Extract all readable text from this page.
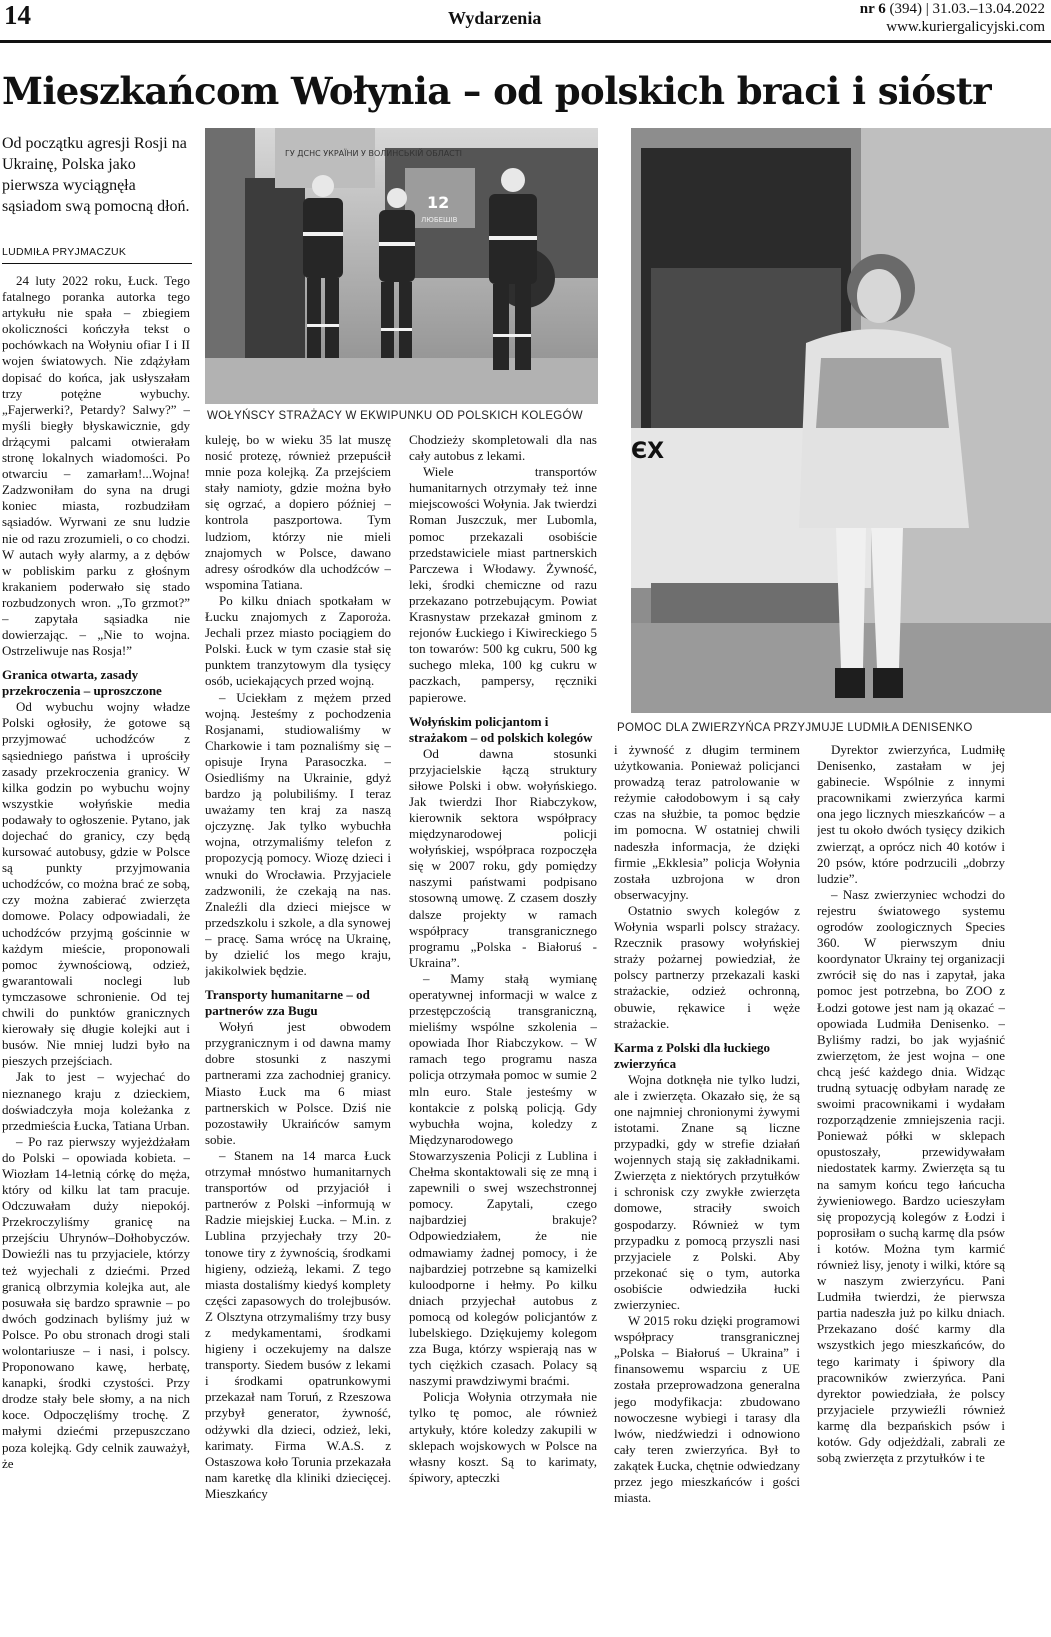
14	Wydarzenia	nr 6 (394) | 31.03.–13.04.2022
www.kuriergalicyjski.com
Mieszkańcom Wołynia – od polskich braci i sióstr
Od początku agresji Rosji na Ukrainę, Polska jako pierwsza wyciągnęła sąsiadom swą pomocną dłoń.
LUDMIŁA PRYJMACZUK
ГУ ДСНС УКРАЇНИ У ВОЛИНСЬКІЙ ОБЛАСТІ
12
ЛЮБЕШІВ
WOŁYŃSCY STRAŻACY W EKWIPUNKU OD POLSKICH KOLEGÓW
ЄХ
POMOC DLA ZWIERZYŃCA PRZYJMUJE LUDMIŁA DENISENKO

24 luty 2022 roku, Łuck. Tego fatalnego poranka autorka tego artykułu nie spała – zbiegiem okoliczności kończyła tekst o pochówkach na Wołyniu ofiar I i II wojen światowych. Nie zdążyłam dopisać do końca, jak usłyszałam trzy potężne wybuchy. „Fajerwerki?, Petardy? Salwy?” – myśli biegły błyskawicznie, gdy drżącymi palcami otwierałam stronę lokalnych wiadomości. Po otwarciu – zamarłam!...Wojna! Zadzwoniłam do syna na drugi koniec miasta, rozbudziłam sąsiadów. Wyrwani ze snu ludzie nie od razu zrozumieli, o co chodzi. W autach wyły alarmy, a z dębów w pobliskim parku z głośnym krakaniem poderwało się stado rozbudzonych wron. „To grzmot?” – zapytała sąsiadka nie dowierzając. – „Nie to wojna. Ostrzeliwuje nas Rosja!”

Granica otwarta, zasady przekroczenia – uproszczone

Od wybuchu wojny władze Polski ogłosiły, że gotowe są przyjmować uchodźców z sąsiedniego państwa i uprościły zasady przekroczenia granicy. W kilka godzin po wybuchu wojny wszystkie wołyńskie media podawały to ogłoszenie. Pytano, jak dojechać do granicy, czy będą kursować autobusy, gdzie w Polsce są punkty przyjmowania uchodźców, co można brać ze sobą, czy można zabierać zwierzęta domowe. Polacy odpowiadali, że uchodźców przyjmą gościnnie w każdym mieście, proponowali pomoc żywnościową, odzież, gwarantowali noclegi lub tymczasowe schronienie. Od tej chwili do punktów granicznych kierowały się długie kolejki aut i busów. Nie mniej ludzi było na pieszych przejściach.

Jak to jest – wyjechać do nieznanego kraju z dzieckiem, doświadczyła moja koleżanka z przedmieścia Łucka, Tatiana Urban.

– Po raz pierwszy wyjeżdżałam do Polski – opowiada kobieta. –Wiozłam 14-letnią córkę do męża, który od kilku lat tam pracuje. Odczuwałam duży niepokój. Przekroczyliśmy granicę na przejściu Uhrynów–Dołhobyczów. Dowieźli nas tu przyjaciele, którzy też wyjechali z dziećmi. Przed granicą olbrzymia kolejka aut, ale posuwała się bardzo sprawnie – po dwóch godzinach byliśmy już w Polsce. Po obu stronach drogi stali wolontariusze – i nasi, i polscy. Proponowano kawę, herbatę, kanapki, środki czystości. Przy drodze stały bele słomy, a na nich koce. Odpoczęliśmy trochę. Z małymi dziećmi przepuszczano poza kolejką. Gdy celnik zauważył, że

kuleję, bo w wieku 35 lat muszę nosić protezę, również przepuścił mnie poza kolejką. Za przejściem stały namioty, gdzie można było się ogrzać, a dopiero później – kontrola paszportowa. Tym ludziom, którzy nie mieli znajomych w Polsce, dawano adresy ośrodków dla uchodźców – wspomina Tatiana.

Po kilku dniach spotkałam w Łucku znajomych z Zaporoża. Jechali przez miasto pociągiem do Polski. Łuck w tym czasie stał się punktem tranzytowym dla tysięcy osób, uciekających przed wojną.

– Uciekłam z mężem przed wojną. Jesteśmy z pochodzenia Rosjanami, studiowaliśmy w Charkowie i tam poznaliśmy się – opisuje Iryna Parasoczka. – Osiedliśmy na Ukrainie, gdyż bardzo ją polubiliśmy. I teraz uważamy ten kraj za naszą ojczyznę. Jak tylko wybuchła wojna, otrzymaliśmy telefon z propozycją pomocy. Wiozę dzieci i wnuki do Wrocławia. Przyjaciele zadzwonili, że czekają na nas. Znaleźli dla dzieci miejsce w przedszkolu i szkole, a dla synowej – pracę. Sama wrócę na Ukrainę, by dzielić los mego kraju, jakikolwiek będzie.

Transporty humanitarne – od partnerów zza Bugu

Wołyń jest obwodem przygranicznym i od dawna mamy dobre stosunki z naszymi partnerami zza zachodniej granicy. Miasto Łuck ma 6 miast partnerskich w Polsce. Dziś nie pozostawiły Ukraińców samym sobie.

– Stanem na 14 marca Łuck otrzymał mnóstwo humanitarnych transportów od przyjaciół i partnerów z Polski –informują w Radzie miejskiej Łucka. – M.in. z Lublina przyjechały trzy 20-tonowe tiry z żywnością, środkami higieny, odzieżą, lekami. Z tego miasta dostaliśmy kiedyś komplety części zapasowych do trolejbusów. Z Olsztyna otrzymaliśmy trzy busy z medykamentami, środkami higieny i oczekujemy na dalsze transporty. Siedem busów z lekami i środkami opatrunkowymi przekazał nam Toruń, z Rzeszowa przybył generator, żywność, odżywki dla dzieci, odzież, leki, karimaty. Firma W.A.S. z Ostaszowa koło Torunia przekazała nam karetkę dla kliniki dziecięcej. Mieszkańcy

Chodzieży skompletowali dla nas cały autobus z lekami.

Wiele transportów humanitarnych otrzymały też inne miejscowości Wołynia. Jak twierdzi Roman Juszczuk, mer Lubomla, pomoc przekazali osobiście przedstawiciele miast partnerskich Parczewa i Włodawy. Żywność, leki, środki chemiczne od razu przekazano potrzebującym. Powiat Krasnystaw przekazał gminom z rejonów Łuckiego i Kiwireckiego 5 ton towarów: 500 kg cukru, 500 kg suchego mleka, 100 kg cukru w paczkach, pampersy, ręczniki papierowe.

Wołyńskim policjantom i strażakom – od polskich kolegów

Od dawna stosunki przyjacielskie łączą struktury siłowe Polski i obw. wołyńskiego. Jak twierdzi Ihor Riabczykow, kierownik sektora współpracy międzynarodowej policji wołyńskiej, współpraca rozpoczęła się w 2007 roku, gdy pomiędzy naszymi państwami podpisano stosowną umowę. Z czasem doszły dalsze projekty w ramach współpracy transgranicznego programu „Polska - Białoruś - Ukraina”.

– Mamy stałą wymianę operatywnej informacji w walce z przestępczością transgraniczną, mieliśmy wspólne szkolenia – opowiada Ihor Riabczykow. – W ramach tego programu nasza policja otrzymała pomoc w sumie 2 mln euro. Stale jesteśmy w kontakcie z polską policją. Gdy wybuchła wojna, koledzy z Międzynarodowego Stowarzyszenia Policji z Lublina i Chełma skontaktowali się ze mną i zapewnili o swej wszechstronnej pomocy. Zapytali, czego najbardziej brakuje? Odpowiedziałem, że nie odmawiamy żadnej pomocy, i że najbardziej potrzebne są kamizelki kuloodporne i hełmy. Po kilku dniach przyjechał autobus z pomocą od kolegów policjantów z lubelskiego. Dziękujemy kolegom zza Buga, którzy wspierają nas w tych ciężkich czasach. Polacy są naszymi prawdziwymi braćmi.

Policja Wołynia otrzymała nie tylko tę pomoc, ale również artykuły, które koledzy zakupili w sklepach wojskowych w Polsce na własny koszt. Są to karimaty, śpiwory, apteczki

i żywność z długim terminem użytkowania. Ponieważ policjanci prowadzą teraz patrolowanie w reżymie całodobowym i są cały czas na służbie, ta pomoc będzie im pomocna. W ostatniej chwili nadeszła informacja, że dzięki firmie „Ekklesia” policja Wołynia została uzbrojona w dron obserwacyjny.

Ostatnio swych kolegów z Wołynia wsparli polscy strażacy. Rzecznik prasowy wołyńskiej straży pożarnej powiedział, że polscy partnerzy przekazali kaski strażackie, odzież ochronną, obuwie, rękawice i węże strażackie.

Karma z Polski dla łuckiego zwierzyńca

Wojna dotknęła nie tylko ludzi, ale i zwierzęta. Okazało się, że są one najmniej chronionymi żywymi istotami. Znane są liczne przypadki, gdy w strefie działań wojennych stają się zakładnikami. Zwierzęta z niektórych przytułków i schronisk czy zwykłe zwierzęta domowe, straciły swoich gospodarzy. Również w tym przypadku z pomocą przyszli nasi przyjaciele z Polski. Aby przekonać się o tym, autorka osobiście odwiedziła łucki zwierzyniec.

W 2015 roku dzięki programowi współpracy transgranicznej „Polska – Białoruś – Ukraina” i finansowemu wsparciu z UE została przeprowadzona generalna jego modyfikacja: zbudowano nowoczesne wybiegi i tarasy dla lwów, niedźwiedzi i odnowiono cały teren zwierzyńca. Był to zakątek Łucka, chętnie odwiedzany przez jego mieszkańców i gości miasta.

Dyrektor zwierzyńca, Ludmiłę Denisenko, zastałam w jej gabinecie. Wspólnie z innymi pracownikami zwierzyńca karmi ona jego licznych mieszkańców – a jest tu około dwóch tysięcy dzikich zwierząt, a oprócz nich 40 kotów i 20 psów, które podrzucili „dobrzy ludzie”.

– Nasz zwierzyniec wchodzi do rejestru światowego systemu ogrodów zoologicznych Species 360. W pierwszym dniu koordynator Ukrainy tej organizacji zwrócił się do nas i zapytał, jaka pomoc jest potrzebna, bo ZOO z Łodzi gotowe jest nam ją okazać – opowiada Ludmiła Denisenko. – Byliśmy radzi, bo jak wyjaśnić zwierzętom, że jest wojna – one chcą jeść każdego dnia. Widząc trudną sytuację odbyłam naradę ze swoimi pracownikami i wydałam rozporządzenie zmniejszenia racji. Ponieważ półki w sklepach opustoszały, przewidywałam niedostatek karmy. Zwierzęta są tu na samym końcu tego łańcucha żywieniowego. Bardzo ucieszyłam się propozycją kolegów z Łodzi i poprosiłam o suchą karmę dla psów i kotów. Można tym karmić również lisy, jenoty i wilki, które są w naszym zwierzyńcu. Pani Ludmiła twierdzi, że pierwsza partia nadeszła już po kilku dniach. Przekazano dość karmy dla wszystkich jego mieszkańców, do tego karimaty i śpiwory dla pracowników zwierzyńca. Pani dyrektor powiedziała, że polscy przyjaciele przywieźli również karmę dla bezpańskich psów i kotów. Gdy odjeżdżali, zabrali ze sobą zwierzęta z przytułków i te
